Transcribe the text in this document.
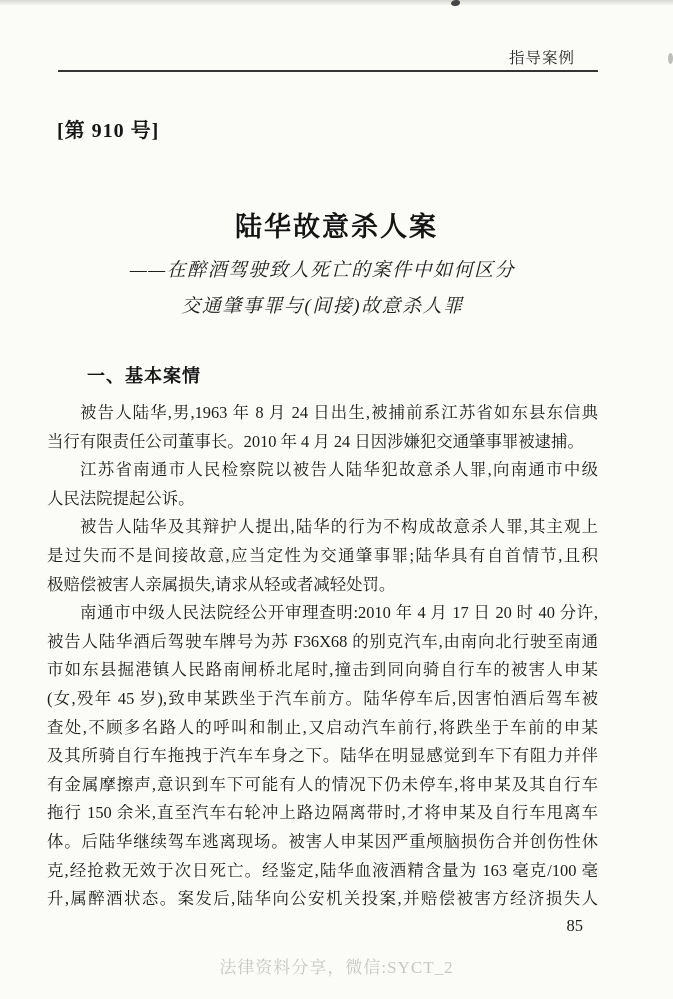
指导案例
[第 910 号]
陆华故意杀人案
——在醉酒驾驶致人死亡的案件中如何区分
交通肇事罪与(间接)故意杀人罪
一、基本案情
被告人陆华,男,1963 年 8 月 24 日出生,被捕前系江苏省如东县东信典
当行有限责任公司董事长。2010 年 4 月 24 日因涉嫌犯交通肇事罪被逮捕。
江苏省南通市人民检察院以被告人陆华犯故意杀人罪,向南通市中级
人民法院提起公诉。
被告人陆华及其辩护人提出,陆华的行为不构成故意杀人罪,其主观上
是过失而不是间接故意,应当定性为交通肇事罪;陆华具有自首情节,且积
极赔偿被害人亲属损失,请求从轻或者减轻处罚。
南通市中级人民法院经公开审理查明:2010 年 4 月 17 日 20 时 40 分许,
被告人陆华酒后驾驶车牌号为苏 F36X68 的别克汽车,由南向北行驶至南通
市如东县掘港镇人民路南闸桥北尾时,撞击到同向骑自行车的被害人申某
(女,殁年 45 岁),致申某跌坐于汽车前方。陆华停车后,因害怕酒后驾车被
查处,不顾多名路人的呼叫和制止,又启动汽车前行,将跌坐于车前的申某
及其所骑自行车拖拽于汽车车身之下。陆华在明显感觉到车下有阻力并伴
有金属摩擦声,意识到车下可能有人的情况下仍未停车,将申某及其自行车
拖行 150 余米,直至汽车右轮冲上路边隔离带时,才将申某及自行车甩离车
体。后陆华继续驾车逃离现场。被害人申某因严重颅脑损伤合并创伤性休
克,经抢救无效于次日死亡。经鉴定,陆华血液酒精含量为 163 毫克/100 毫
升,属醉酒状态。案发后,陆华向公安机关投案,并赔偿被害方经济损失人
85
法律资料分享，微信:SYCT_2
